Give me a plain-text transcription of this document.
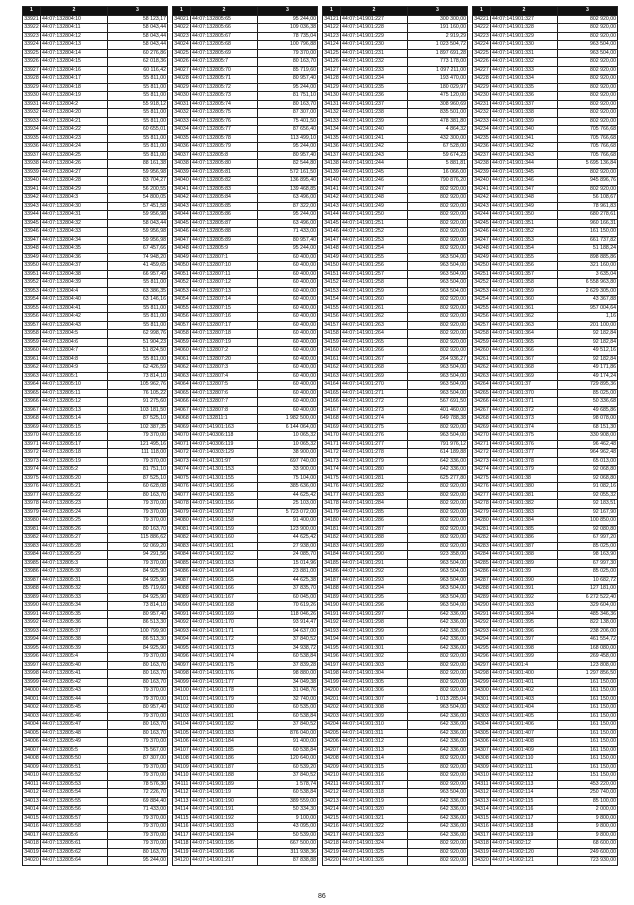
1	2	3
33921	44:07:132804:10	58 123,17
33922	44:07:132804:11	58 043,44
33923	44:07:132804:12	58 043,44
33924	44:07:132804:13	58 043,44
33925	44:07:132804:14	60 276,86
33926	44:07:132804:15	62 018,36
33927	44:07:132804:16	60 116,42
33928	44:07:132804:17	55 811,00
33929	44:07:132804:18	55 811,00
33930	44:07:132804:19	55 811,00
33931	44:07:132804:2	55 918,12
33932	44:07:132804:20	55 811,00
33933	44:07:132804:21	55 811,00
33934	44:07:132804:22	60 655,01
33935	44:07:132804:23	55 811,00
33936	44:07:132804:24	55 811,00
33937	44:07:132804:25	55 811,00
33938	44:07:132804:26	88 161,38
33939	44:07:132804:27	59 956,98
33940	44:07:132804:28	83 704,27
33941	44:07:132804:29	56 200,55
33942	44:07:132804:3	54 800,05
33943	44:07:132804:30	57 451,58
33944	44:07:132804:31	59 956,98
33945	44:07:132804:32	58 043,44
33946	44:07:132804:33	59 956,98
33947	44:07:132804:34	59 956,98
33948	44:07:132804:35	67 457,66
33949	44:07:132804:36	74 948,20
33950	44:07:132804:37	41 459,65
33951	44:07:132804:38	66 957,49
33952	44:07:132804:39	55 811,00
33953	44:07:132804:4	63 386,35
33954	44:07:132804:40	63 146,16
33955	44:07:132804:41	55 811,00
33956	44:07:132804:42	55 811,00
33957	44:07:132804:43	55 811,00
33958	44:07:132804:5	62 998,76
33959	44:07:132804:6	51 904,23
33960	44:07:132804:7	51 824,50
33961	44:07:132804:8	55 811,00
33962	44:07:132804:9	62 426,59
33963	44:07:132805:1	73 814,10
33964	44:07:132805:10	105 962,76
33965	44:07:132805:11	76 105,22
33966	44:07:132805:12	91 275,60
33967	44:07:132805:13	103 181,50
33968	44:07:132805:14	87 525,10
33969	44:07:132805:15	102 387,35
33970	44:07:132805:16	79 370,00
33971	44:07:132805:17	121 495,16
33972	44:07:132805:18	111 118,00
33973	44:07:132805:19	79 370,00
33974	44:07:132805:2	81 751,10
33975	44:07:132805:20	87 525,10
33976	44:07:132805:21	60 628,08
33977	44:07:132805:22	80 163,70
33978	44:07:132805:23	79 370,00
33979	44:07:132805:24	79 370,00
33980	44:07:132805:25	79 370,00
33981	44:07:132805:26	80 163,70
33982	44:07:132805:27	115 886,62
33983	44:07:132805:28	92 069,20
33984	44:07:132805:29	94 291,56
33985	44:07:132805:3	79 370,00
33986	44:07:132805:30	84 925,90
33987	44:07:132805:31	84 925,90
33988	44:07:132805:32	85 719,60
33989	44:07:132805:33	84 925,90
33990	44:07:132805:34	73 814,10
33991	44:07:132805:35	80 957,40
33992	44:07:132805:36	86 513,30
33993	44:07:132805:37	100 799,90
33994	44:07:132805:38	86 513,30
33995	44:07:132805:39	84 925,90
33996	44:07:132805:4	79 370,00
33997	44:07:132805:40	80 163,70
33998	44:07:132805:41	80 163,70
33999	44:07:132805:42	80 163,70
34000	44:07:132805:43	79 370,00
34001	44:07:132805:44	79 370,00
34002	44:07:132805:45	80 957,40
34003	44:07:132805:46	79 370,00
34004	44:07:132805:47	80 163,70
34005	44:07:132805:48	80 163,70
34006	44:07:132805:49	79 370,00
34007	44:07:132805:5	75 567,00
34008	44:07:132805:50	87 307,00
34009	44:07:132805:51	79 370,00
34010	44:07:132805:52	79 370,00
34011	44:07:132805:53	78 576,30
34012	44:07:132805:54	72 226,70
34013	44:07:132805:55	69 884,40
34014	44:07:132805:56	71 433,00
34015	44:07:132805:57	79 370,00
34016	44:07:132805:58	79 370,00
34017	44:07:132805:6	79 370,00
34018	44:07:132805:61	79 370,00
34019	44:07:132805:62	80 163,70
34020	44:07:132805:64	95 244,00
1	2	3
34021	44:07:132805:65	95 244,00
34022	44:07:132805:66	109 036,38
34023	44:07:132805:67	78 735,04
34024	44:07:132805:68	100 796,88
34025	44:07:132805:69	79 370,00
34026	44:07:132805:7	80 163,70
34027	44:07:132805:70	85 719,60
34028	44:07:132805:71	80 957,40
34029	44:07:132805:72	95 244,00
34030	44:07:132805:73	81 751,10
34031	44:07:132805:74	80 163,70
34032	44:07:132805:75	87 307,00
34033	44:07:132805:76	75 401,50
34034	44:07:132805:77	87 656,40
34035	44:07:132805:78	113 499,10
34036	44:07:132805:79	95 244,00
34037	44:07:132805:8	80 957,40
34038	44:07:132805:80	82 544,80
34039	44:07:132805:81	572 161,50
34040	44:07:132805:82	136 895,40
34041	44:07:132805:83	139 468,85
34042	44:07:132805:84	63 496,00
34043	44:07:132805:85	87 322,00
34044	44:07:132805:86	95 244,00
34045	44:07:132805:87	63 496,00
34046	44:07:132805:88	71 433,00
34047	44:07:132805:89	80 957,40
34048	44:07:132805:9	95 244,00
34049	44:07:132807:1	60 400,00
34050	44:07:132807:10	60 400,00
34051	44:07:132807:11	60 400,00
34052	44:07:132807:12	60 400,00
34053	44:07:132807:13	60 400,00
34054	44:07:132807:14	60 400,00
34055	44:07:132807:15	60 400,00
34056	44:07:132807:16	60 400,00
34057	44:07:132807:17	60 400,00
34058	44:07:132807:18	60 400,00
34059	44:07:132807:19	60 400,00
34060	44:07:132807:2	60 400,00
34061	44:07:132807:20	60 400,00
34062	44:07:132807:3	60 400,00
34063	44:07:132807:4	60 400,00
34064	44:07:132807:5	60 400,00
34065	44:07:132807:6	60 400,00
34066	44:07:132807:7	60 400,00
34067	44:07:132807:8	60 400,00
34068	44:07:132811:1	1 982 500,00
34069	44:07:141901:163	6 144 064,00
34070	44:07:140306:118	10 065,32
34071	44:07:140306:119	10 065,32
34072	44:07:140303:129	38 900,00
34073	44:07:141301:97	697 740,00
34074	44:07:141301:153	33 900,00
34075	44:07:141301:155	75 104,00
34076	44:07:141901:156	385 636,00
34077	44:07:141901:155	44 625,42
34078	44:07:141901:156	25 103,00
34079	44:07:141901:157	5 723 072,00
34080	44:07:141901:158	91 400,00
34081	44:07:141901:159	123 900,00
34082	44:07:141901:160	44 625,42
34083	44:07:141901:161	27 938,00
34084	44:07:141901:162	24 085,70
34085	44:07:141901:163	15 014,96
34086	44:07:141901:164	23 881,00
34087	44:07:141901:165	44 625,38
34088	44:07:141901:166	37 835,70
34089	44:07:141901:167	60 045,00
34090	44:07:141901:168	70 619,26
34091	44:07:141901:169	118 046,26
34092	44:07:141901:170	93 914,47
34093	44:07:141901:171	94 637,00
34094	44:07:141901:172	37 840,52
34095	44:07:141901:173	34 938,72
34096	44:07:141901:174	60 538,84
34097	44:07:141901:175	37 839,28
34098	44:07:141901:176	98 880,00
34099	44:07:141901:177	34 049,38
34100	44:07:141901:178	31 048,76
34101	44:07:141901:179	32 740,00
34102	44:07:141901:180	60 535,00
34103	44:07:141901:181	60 538,84
34104	44:07:141901:182	37 840,52
34105	44:07:141901:183	876 040,00
34106	44:07:141901:184	91 400,00
34107	44:07:141901:185	60 538,84
34108	44:07:141901:186	120 640,00
34109	44:07:141901:187	60 539,20
34110	44:07:141901:188	37 840,52
34111	44:07:141901:189	1 578,74
34112	44:07:141901:19	60 538,84
34113	44:07:141901:190	389 559,00
34114	44:07:141901:191	50 334,30
34115	44:07:141901:192	9 100,00
34116	44:07:141901:193	43 095,00
34117	44:07:141901:194	50 539,00
34118	44:07:141901:195	667 500,00
34119	44:07:141901:196	311 938,36
34120	44:07:141901:217	87 838,88
1	2	3
34121	44:07:141901:227	300 300,00
34122	44:07:141901:228	191 160,00
34123	44:07:141901:229	2 919,29
34124	44:07:141901:230	1 023 504,72
34125	44:07:141901:231	1 897 691,28
34126	44:07:141901:232	773 178,00
34127	44:07:141901:233	1 097 211,00
34128	44:07:141901:234	193 470,00
34129	44:07:141901:235	180 029,97
34130	44:07:141901:236	475 120,00
34131	44:07:141901:237	308 960,69
34132	44:07:141901:238	835 501,00
34133	44:07:141901:239	478 381,80
34134	44:07:141901:240	4 864,32
34135	44:07:141901:241	432 300,00
34136	44:07:141901:242	67 528,00
34137	44:07:141901:243	59 674,23
34138	44:07:141901:244	5 881,81
34139	44:07:141901:245	16 066,00
34140	44:07:141901:246	790 876,20
34141	44:07:141901:247	802 920,00
34142	44:07:141901:248	802 920,00
34143	44:07:141901:249	802 920,00
34144	44:07:141901:250	802 920,00
34145	44:07:141901:251	802 920,00
34146	44:07:141901:252	802 920,00
34147	44:07:141901:253	802 920,00
34148	44:07:141901:254	802 920,00
34149	44:07:141901:255	963 504,00
34150	44:07:141901:256	963 504,00
34151	44:07:141901:257	963 504,00
34152	44:07:141901:258	963 504,00
34153	44:07:141901:259	963 504,00
34154	44:07:141901:260	802 920,00
34155	44:07:141901:261	802 920,00
34156	44:07:141901:262	802 920,00
34157	44:07:141901:263	802 920,00
34158	44:07:141901:264	802 920,00
34159	44:07:141901:265	802 920,00
34160	44:07:141901:266	802 920,00
34161	44:07:141901:267	264 936,27
34162	44:07:141901:268	963 504,00
34163	44:07:141901:269	963 504,00
34164	44:07:141901:270	963 504,00
34165	44:07:141901:271	963 504,00
34166	44:07:141901:272	567 691,50
34167	44:07:141901:273	401 460,00
34168	44:07:141901:274	649 788,38
34169	44:07:141901:275	802 920,00
34170	44:07:141901:276	963 504,00
34171	44:07:141901:277	791 976,12
34172	44:07:141901:278	614 189,88
34173	44:07:141901:279	642 336,00
34174	44:07:141901:280	642 336,00
34175	44:07:141901:281	625 277,80
34176	44:07:141901:282	802 920,00
34177	44:07:141901:283	802 920,00
34178	44:07:141901:284	802 920,00
34179	44:07:141901:285	802 920,00
34180	44:07:141901:286	802 920,00
34181	44:07:141901:287	802 920,00
34182	44:07:141901:288	802 920,00
34183	44:07:141901:289	802 920,00
34184	44:07:141901:290	923 358,00
34185	44:07:141901:291	963 504,00
34186	44:07:141901:292	963 504,00
34187	44:07:141901:293	963 504,00
34188	44:07:141901:294	963 504,00
34189	44:07:141901:295	963 504,00
34190	44:07:141901:296	963 504,00
34191	44:07:141901:297	642 336,00
34192	44:07:141901:298	642 336,00
34193	44:07:141901:299	642 336,00
34194	44:07:141901:300	642 336,00
34195	44:07:141901:301	642 336,00
34196	44:07:141901:302	802 920,00
34197	44:07:141901:303	802 920,00
34198	44:07:141901:304	802 920,00
34199	44:07:141901:305	802 920,00
34200	44:07:141901:306	802 920,00
34201	44:07:141901:307	1 013 285,04
34202	44:07:141901:308	963 504,00
34203	44:07:141901:309	642 336,00
34204	44:07:141901:310	642 336,00
34205	44:07:141901:311	642 336,00
34206	44:07:141901:312	642 336,00
34207	44:07:141901:313	642 336,00
34208	44:07:141901:314	802 920,00
34209	44:07:141901:315	802 920,00
34210	44:07:141901:316	802 920,00
34211	44:07:141901:317	802 920,00
34212	44:07:141901:318	963 504,00
34213	44:07:141901:319	642 336,00
34214	44:07:141901:320	642 336,00
34215	44:07:141901:321	642 336,00
34216	44:07:141901:322	642 336,00
34217	44:07:141901:323	642 336,00
34218	44:07:141901:324	802 920,00
34219	44:07:141901:325	802 920,00
34220	44:07:141901:326	802 920,00
1	2	3
34221	44:07:141901:327	802 920,00
34222	44:07:141901:328	802 920,00
34223	44:07:141901:329	802 920,00
34224	44:07:141901:330	963 504,00
34225	44:07:141901:331	963 504,00
34226	44:07:141901:332	802 920,00
34227	44:07:141901:333	802 920,00
34228	44:07:141901:334	802 920,00
34229	44:07:141901:335	802 920,00
34230	44:07:141901:336	802 920,00
34231	44:07:141901:337	802 920,00
34232	44:07:141901:338	802 920,00
34233	44:07:141901:339	802 920,00
34234	44:07:141901:340	705 766,68
34235	44:07:141901:341	705 766,68
34236	44:07:141901:342	705 766,68
34237	44:07:141901:343	705 766,68
34238	44:07:141901:344	5 695 136,84
34239	44:07:141901:345	802 920,00
34240	44:07:141901:346	945 896,76
34241	44:07:141901:347	802 920,00
34242	44:07:141901:348	56 108,67
34243	44:07:141901:349	78 961,83
34244	44:07:141901:350	680 278,61
34245	44:07:141901:351	960 166,31
34246	44:07:141901:352	161 150,00
34247	44:07:141901:353	661 737,82
34248	44:07:141901:354	51 188,24
34249	44:07:141901:355	898 885,86
34250	44:07:141901:356	321 160,00
34251	44:07:141901:357	3 635,04
34252	44:07:141901:358	6 558 963,80
34253	44:07:141901:359	2 629 305,00
34254	44:07:141901:360	43 367,88
34255	44:07:141901:361	957 004,64
34256	44:07:141901:362	1,16
34257	44:07:141901:363	201 100,00
34258	44:07:141901:364	92 182,84
34259	44:07:141901:365	92 182,84
34260	44:07:141901:366	49 512,16
34261	44:07:141901:367	92 182,84
34262	44:07:141901:368	49 171,86
34263	44:07:141901:369	49 174,24
34264	44:07:141901:37	729 895,36
34265	44:07:141901:370	85 025,00
34266	44:07:141901:371	50 336,68
34267	44:07:141901:372	49 685,86
34268	44:07:141901:373	98 078,00
34269	44:07:141901:374	68 151,30
34270	44:07:141901:375	330 908,00
34271	44:07:141901:376	96 462,48
34272	44:07:141901:377	964 962,48
34273	44:07:141901:378	65 013,00
34274	44:07:141901:379	92 068,80
34275	44:07:141901:38	92 068,80
34276	44:07:141901:380	91 082,16
34277	44:07:141901:381	92 055,32
34278	44:07:141901:382	92 183,51
34279	44:07:141901:383	92 167,90
34280	44:07:141901:384	100 850,00
34281	44:07:141901:385	92 080,80
34282	44:07:141901:386	67 997,20
34283	44:07:141901:387	85 025,00
34284	44:07:141901:388	98 163,90
34285	44:07:141901:389	67 997,30
34286	44:07:141901:39	85 025,00
34287	44:07:141901:390	10 682,72
34288	44:07:141901:391	127 181,00
34289	44:07:141901:392	6 272 522,40
34290	44:07:141901:393	329 604,00
34291	44:07:141901:394	485 346,36
34292	44:07:141901:395	822 138,00
34293	44:07:141901:396	238 206,00
34294	44:07:141901:397	461 554,72
34295	44:07:141901:398	168 080,00
34296	44:07:141901:399	269 458,00
34297	44:07:141901:4	123 808,00
34298	44:07:141901:400	1 297 856,50
34299	44:07:141901:401	161 150,00
34300	44:07:141901:402	161 150,00
34301	44:07:141901:403	161 150,00
34302	44:07:141901:404	161 150,00
34303	44:07:141901:405	161 150,00
34304	44:07:141901:406	161 150,00
34305	44:07:141901:407	161 150,00
34306	44:07:141901:408	161 150,00
34307	44:07:141901:409	161 150,00
34308	44:07:141902:110	161 150,00
34309	44:07:141902:111	161 150,00
34310	44:07:141902:112	151 150,00
34311	44:07:141902:113	453 220,00
34312	44:07:141902:114	250 740,00
34313	44:07:141902:115	85 100,00
34314	44:07:141902:116	2 000,00
34315	44:07:141902:117	9 800,00
34316	44:07:141902:118	9 800,00
34317	44:07:141902:119	9 800,00
34318	44:07:141902:12	68 600,00
34319	44:07:141902:120	249 600,00
34320	44:07:141902:121	723 930,00
86
